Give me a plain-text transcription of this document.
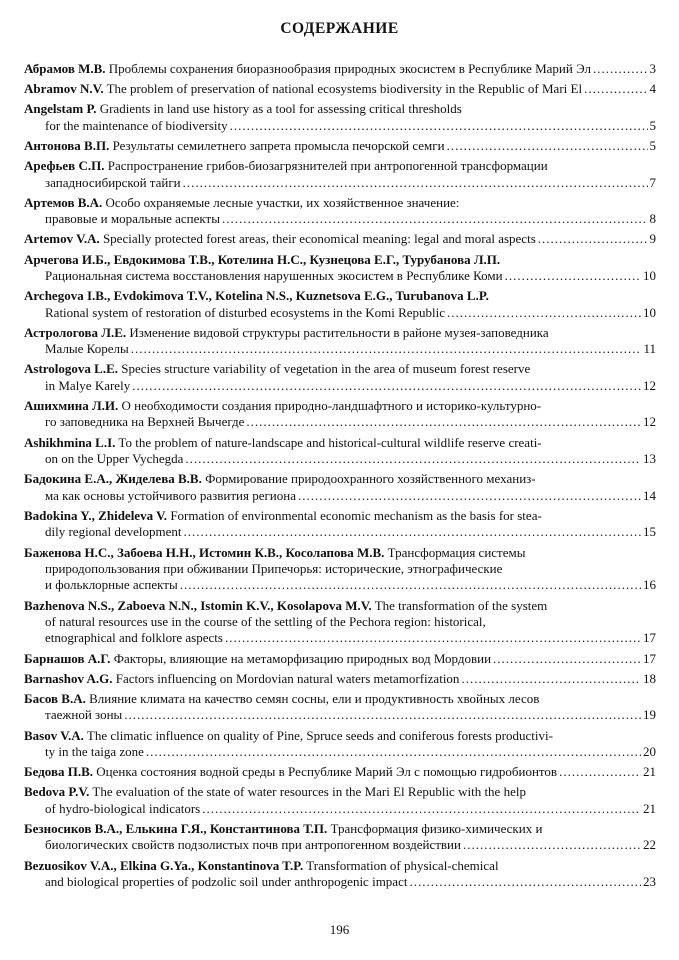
СОДЕРЖАНИЕ
Абрамов М.В. Проблемы сохранения биоразнообразия природных экосистем в Республике Марий Эл .....	3
Abramov N.V. The problem of preservation of national ecosystems biodiversity in the Republic of Mari El .....	4
Angelstam P. Gradients in land use history as a tool for assessing critical thresholds
for the maintenance of biodiversity .....	5
Антонова В.П. Результаты семилетнего запрета промысла печорской семги .....	5
Арефьев С.П. Распространение грибов-биозагрязнителей при антропогенной трансформации
западносибирской тайги .....	7
Артемов В.А. Особо охраняемые лесные участки, их хозяйственное значение:
правовые и моральные аспекты .....	8
Artemov V.A. Specially protected forest areas, their economical meaning: legal and moral aspects .....	9
Арчегова И.Б., Евдокимова Т.В., Котелина Н.С., Кузнецова Е.Г., Турубанова Л.П.
Рациональная система восстановления нарушенных экосистем в Республике Коми .....	10
Archegova I.B., Evdokimova T.V., Kotelina N.S., Kuznetsova E.G., Turubanova L.P.
Rational system of restoration of disturbed ecosystems in the Komi Republic .....	10
Астрологова Л.Е. Изменение видовой структуры растительности в районе музея-заповедника
Малые Корелы .....	11
Astrologova L.E. Species structure variability of vegetation in the area of museum forest reserve
in Malye Karely .....	12
Ашихмина Л.И. О необходимости создания природно-ландшафтного и историко-культурно-
го заповедника на Верхней Вычегде .....	12
Ashikhmina L.I. To the problem of nature-landscape and historical-cultural wildlife reserve creati-
on on the Upper Vychegda .....	13
Бадокина Е.А., Жиделева В.В. Формирование природоохранного хозяйственного механиз-
ма как основы устойчивого развития региона .....	14
Badokina Y., Zhideleva V. Formation of environmental economic mechanism as the basis for stea-
dily regional development .....	15
Баженова Н.С., Забоева Н.Н., Истомин К.В., Косолапова М.В. Трансформация системы
природопользования при обживании Припечорья: исторические, этнографические
и фольклорные аспекты .....	16
Bazhenova N.S., Zaboeva N.N., Istomin K.V., Kosolapova M.V. The transformation of the system
of natural resources use in the course of the settling of the Pechora region: historical,
etnographical and folklore aspects .....	17
Барнашов А.Г. Факторы, влияющие на метаморфизацию природных вод Мордовии .....	17
Barnashov A.G. Factors influencing on Mordovian natural waters metamorfization .....	18
Басов В.А. Влияние климата на качество семян сосны, ели и продуктивность хвойных лесов
таежной зоны .....	19
Basov V.A. The climatic influence on quality of Pine, Spruce seeds and coniferous forests productivi-
ty in the taiga zone .....	20
Бедова П.В. Оценка состояния водной среды в Республике Марий Эл с помощью гидробионтов .....	21
Bedova P.V. The evaluation of the state of water resources in the Mari El Republic with the help
of hydro-biological indicators .....	21
Безносиков В.А., Елькина Г.Я., Константинова Т.П. Трансформация физико-химических и
биологических свойств подзолистых почв при антропогенном воздействии .....	22
Bezuosikov V.A., Elkina G.Ya., Konstantinova T.P. Transformation of physical-chemical
and biological properties of podzolic soil under anthropogenic impact .....	23
196
